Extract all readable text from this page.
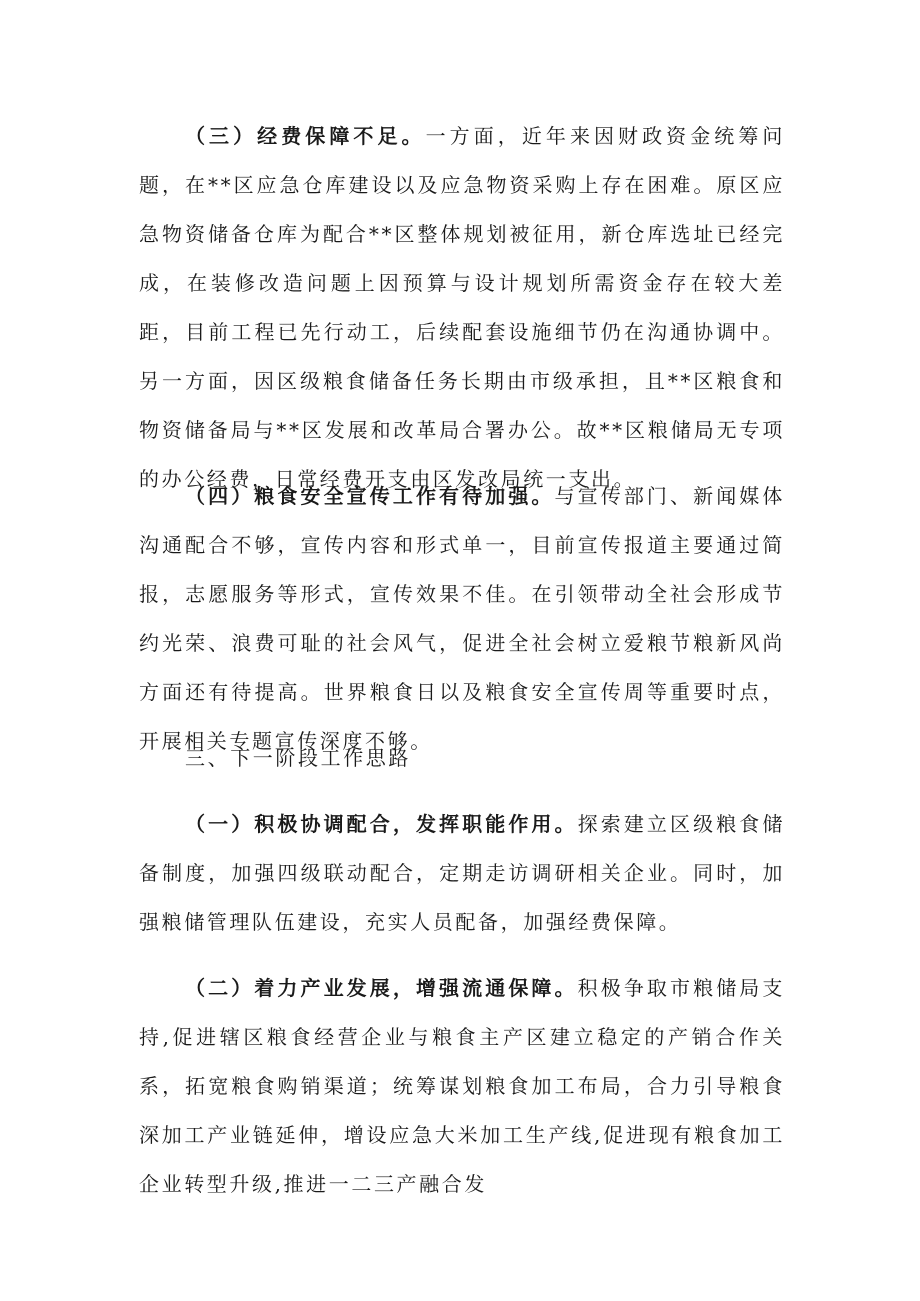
（三）经费保障不足。一方面，近年来因财政资金统筹问题，在**区应急仓库建设以及应急物资采购上存在困难。原区应急物资储备仓库为配合**区整体规划被征用，新仓库选址已经完成，在装修改造问题上因预算与设计规划所需资金存在较大差距，目前工程已先行动工，后续配套设施细节仍在沟通协调中。另一方面，因区级粮食储备任务长期由市级承担，且**区粮食和物资储备局与**区发展和改革局合署办公。故**区粮储局无专项的办公经费，日常经费开支由区发改局统一支出。

（四）粮食安全宣传工作有待加强。与宣传部门、新闻媒体沟通配合不够，宣传内容和形式单一，目前宣传报道主要通过简报，志愿服务等形式，宣传效果不佳。在引领带动全社会形成节约光荣、浪费可耻的社会风气，促进全社会树立爱粮节粮新风尚方面还有待提高。世界粮食日以及粮食安全宣传周等重要时点，开展相关专题宣传深度不够。

三、下一阶段工作思路

（一）积极协调配合，发挥职能作用。探索建立区级粮食储备制度，加强四级联动配合，定期走访调研相关企业。同时，加强粮储管理队伍建设，充实人员配备，加强经费保障。

（二）着力产业发展，增强流通保障。积极争取市粮储局支持,促进辖区粮食经营企业与粮食主产区建立稳定的产销合作关系，拓宽粮食购销渠道；统筹谋划粮食加工布局，合力引导粮食深加工产业链延伸，增设应急大米加工生产线,促进现有粮食加工企业转型升级,推进一二三产融合发
